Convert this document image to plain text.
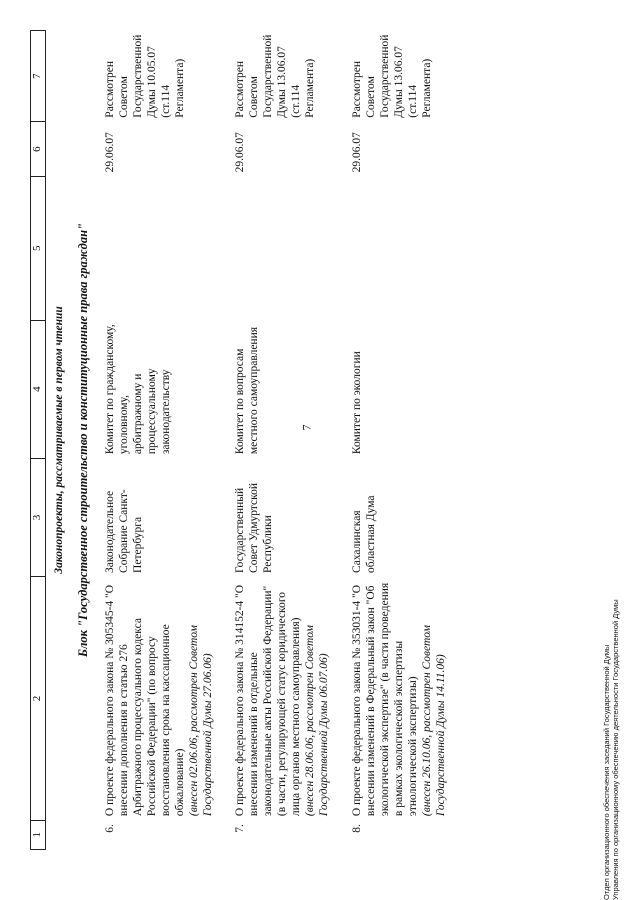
7
1	2	3	4	5	6	7
Законопроекты, рассматриваемые в первом чтении						
Блок "Государственное строительство и конституционные права граждан"						
6.	О проекте федерального закона № 305345-4 "О внесении дополнения в статью 276 Арбитражного процессуального кодекса Российской Федерации" (по вопросу восстановления срока на кассационное обжалование) (внесен 02.06.06, рассмотрен Советом Государственной Думы 27.06.06)	Законодательное Собрание Санкт-Петербурга	Комитет по гражданскому, уголовному, арбитражному и процессуальному законодательству		29.06.07	Рассмотрен Советом Государственной Думы 10.05.07 (ст.114 Регламента)
7.	О проекте федерального закона № 314152-4 "О внесении изменений в отдельные законодательные акты Российской Федерации" (в части, регулирующей статус юридического лица органов местного самоуправления) (внесен 28.06.06, рассмотрен Советом Государственной Думы 06.07.06)	Государственный Совет Удмуртской Республики	Комитет по вопросам местного самоуправления		29.06.07	Рассмотрен Советом Государственной Думы 13.06.07 (ст.114 Регламента)
8.	О проекте федерального закона № 353031-4 "О внесении изменений в Федеральный закон "Об экологической экспертизе" (в части проведения в рамках экологической экспертизы этнологической экспертизы) (внесен 26.10.06, рассмотрен Советом Государственной Думы 14.11.06)	Сахалинская областная Дума	Комитет по экологии		29.06.07	Рассмотрен Советом Государственной Думы 13.06.07 (ст.114 Регламента)
Отдел организационного обеспечения заседаний Государственной Думы Управления по организационному обеспечению деятельности Государственной Думы
